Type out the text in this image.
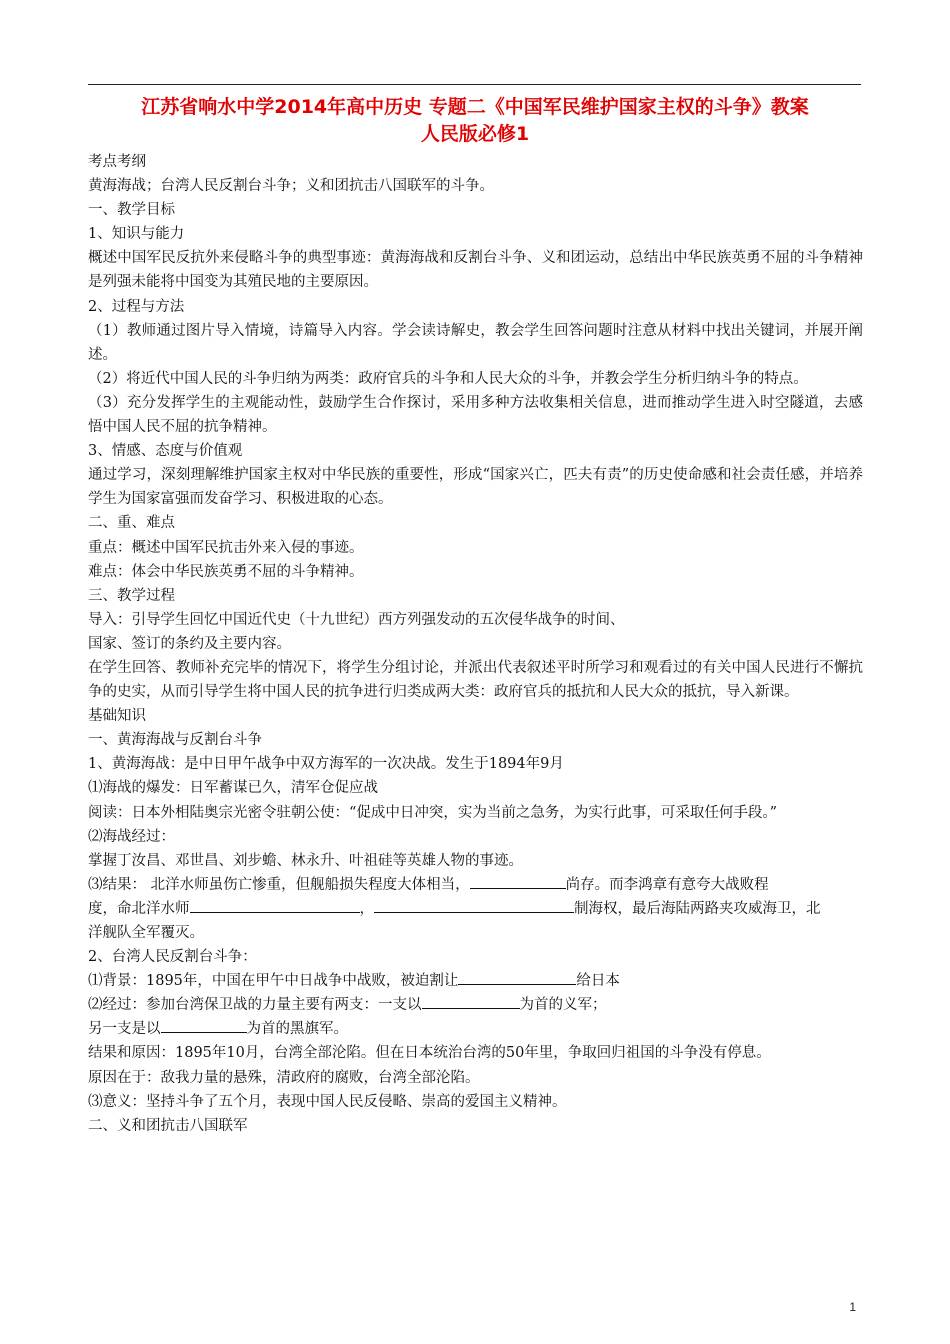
江苏省响水中学2014年高中历史 专题二《中国军民维护国家主权的斗争》教案
人民版必修1
考点考纲
黄海海战；台湾人民反割台斗争；义和团抗击八国联军的斗争。
一、教学目标
1、知识与能力
概述中国军民反抗外来侵略斗争的典型事迹：黄海海战和反割台斗争、义和团运动，总结出中华民族英勇不屈的斗争精神是列强未能将中国变为其殖民地的主要原因。
2、过程与方法
（1）教师通过图片导入情境，诗篇导入内容。学会读诗解史，教会学生回答问题时注意从材料中找出关键词，并展开阐述。
（2）将近代中国人民的斗争归纳为两类：政府官兵的斗争和人民大众的斗争，并教会学生分析归纳斗争的特点。
（3）充分发挥学生的主观能动性，鼓励学生合作探讨，采用多种方法收集相关信息，进而推动学生进入时空隧道，去感悟中国人民不屈的抗争精神。
3、情感、态度与价值观
通过学习，深刻理解维护国家主权对中华民族的重要性，形成“国家兴亡，匹夫有责”的历史使命感和社会责任感，并培养学生为国家富强而发奋学习、积极进取的心态。
二、重、难点
重点：概述中国军民抗击外来入侵的事迹。
难点：体会中华民族英勇不屈的斗争精神。
三、教学过程
导入：引导学生回忆中国近代史（十九世纪）西方列强发动的五次侵华战争的时间、
国家、签订的条约及主要内容。
在学生回答、教师补充完毕的情况下，将学生分组讨论，并派出代表叙述平时所学习和观看过的有关中国人民进行不懈抗争的史实，从而引导学生将中国人民的抗争进行归类成两大类：政府官兵的抵抗和人民大众的抵抗，导入新课。
基础知识
一、黄海海战与反割台斗争
1、黄海海战：是中日甲午战争中双方海军的一次决战。发生于1894年9月
⑴海战的爆发：日军蓄谋已久，清军仓促应战
阅读：日本外相陆奥宗光密令驻朝公使：“促成中日冲突，实为当前之急务，为实行此事，可采取任何手段。”
⑵海战经过：
掌握丁汝昌、邓世昌、刘步蟾、林永升、叶祖硅等英雄人物的事迹。
⑶结果： 北洋水师虽伤亡惨重，但舰船损失程度大体相当，	尚存。而李鸿章有意夸大战败程
度，命北洋水师	，	制海权，最后海陆两路夹攻威海卫，北
洋舰队全军覆灭。
2、台湾人民反割台斗争：
⑴背景：1895年，中国在甲午中日战争中战败，被迫割让	给日本
⑵经过：参加台湾保卫战的力量主要有两支：一支以	为首的义军；
另一支是以	为首的黑旗军。
结果和原因：1895年10月，台湾全部沦陷。但在日本统治台湾的50年里，争取回归祖国的斗争没有停息。
原因在于：敌我力量的悬殊，清政府的腐败，台湾全部沦陷。
⑶意义：坚持斗争了五个月，表现中国人民反侵略、崇高的爱国主义精神。
二、义和团抗击八国联军
1
